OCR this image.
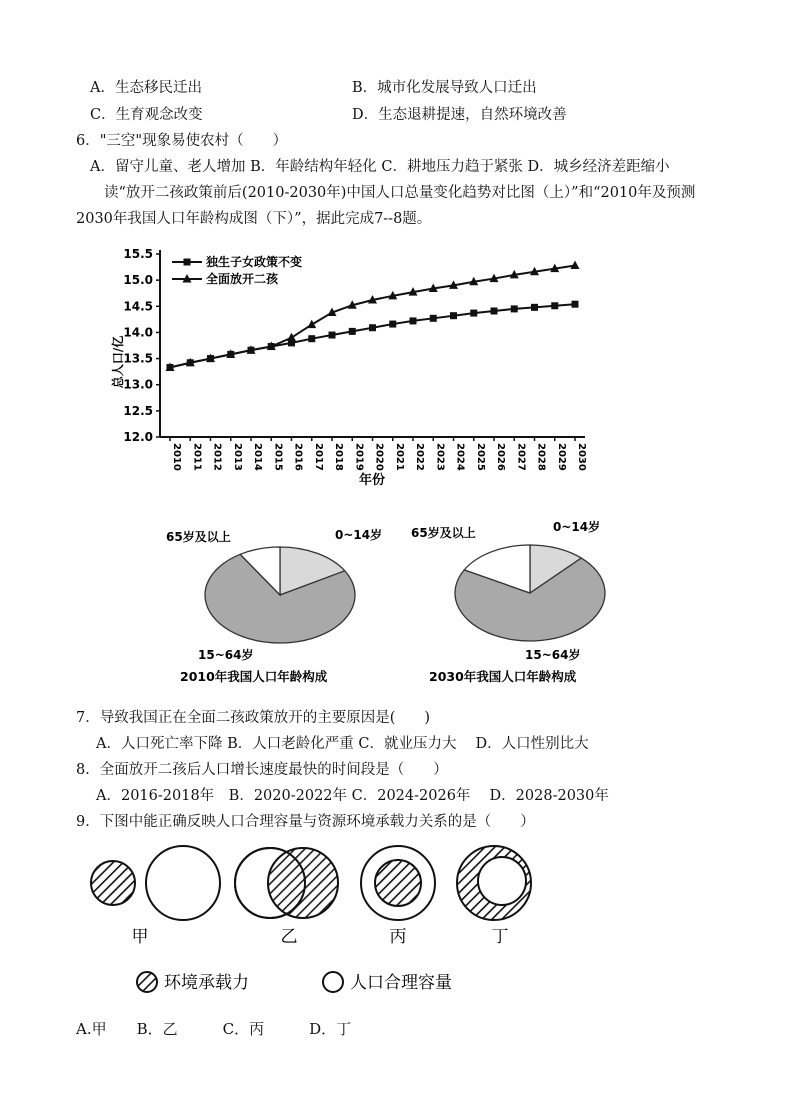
A．生态移民迁出	B．城市化发展导致人口迁出
C．生育观念改变	D．生态退耕提速，自然环境改善
6．"三空"现象易使农村（　　）
A．留守儿童、老人增加 B．年龄结构年轻化 C．耕地压力趋于紧张 D．城乡经济差距缩小
读“放开二孩政策前后(2010-2030年)中国人口总量变化趋势对比图（上）”和“2010年及预测
2030年我国人口年龄构成图（下）”，据此完成7--8题。
12.0
12.5
13.0
13.5
14.0
14.5
15.0
15.5
2010 2011 2012 2013 2014 2015 2016 2017 2018 2019 2020 2021 2022 2023 2024 2025 2026 2027 2028 2029 2030
独生子女政策不变
全面放开二孩
总人口/亿
年份
65岁及以上	0~14岁
15~64岁
2010年我国人口年龄构成
65岁及以上	0~14岁
15~64岁
2030年我国人口年龄构成
7．导致我国正在全面二孩政策放开的主要原因是(　　)
A．人口死亡率下降 B．人口老龄化严重 C．就业压力大　 D．人口性别比大
8．全面放开二孩后人口增长速度最快的时间段是（　　）
A．2016-2018年　B．2020-2022年 C．2024-2026年　 D．2028-2030年
9．下图中能正确反映人口合理容量与资源环境承载力关系的是（　　）
甲	乙	丙	丁
环境承载力	人口合理容量
A.甲　　B．乙　　　C．丙　　　D．丁
